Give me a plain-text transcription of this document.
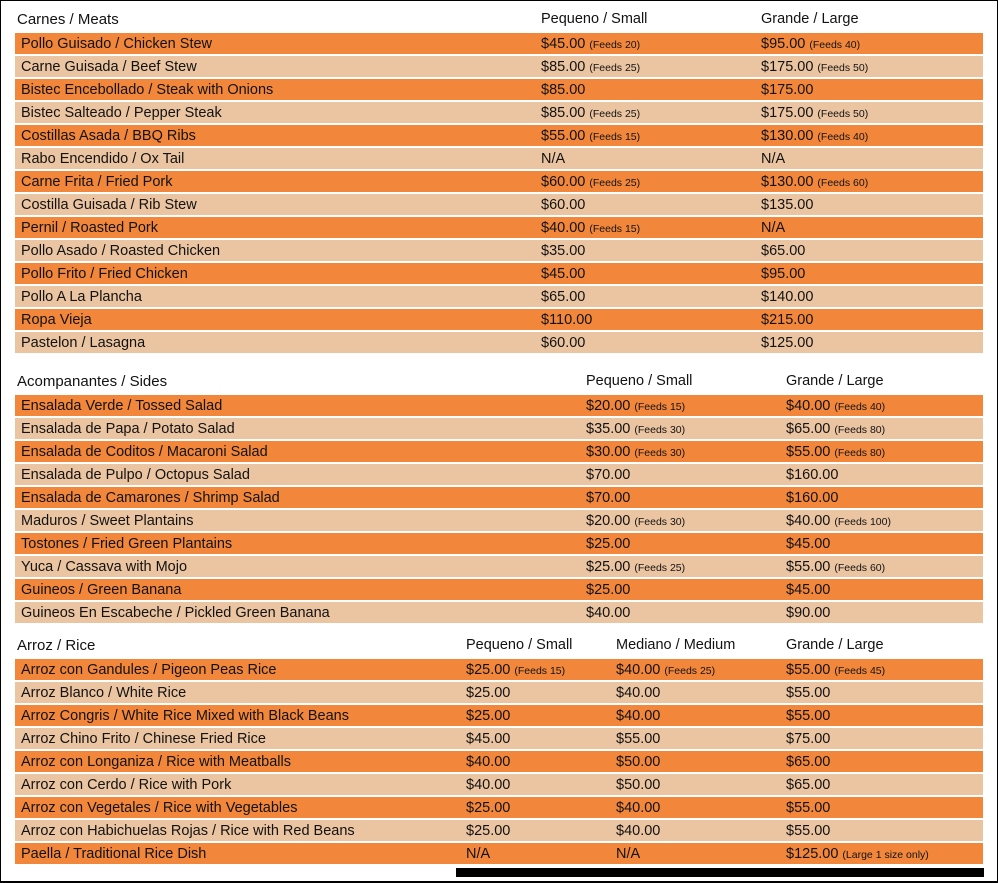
Carnes / Meats	Pequeno / Small	Grande / Large
Pollo Guisado / Chicken Stew	$45.00 (Feeds 20)	$95.00 (Feeds 40)
Carne Guisada / Beef Stew	$85.00 (Feeds 25)	$175.00 (Feeds 50)
Bistec Encebollado / Steak with Onions	$85.00	$175.00
Bistec Salteado / Pepper Steak	$85.00 (Feeds 25)	$175.00 (Feeds 50)
Costillas Asada / BBQ Ribs	$55.00 (Feeds 15)	$130.00 (Feeds 40)
Rabo Encendido / Ox Tail	N/A	N/A
Carne Frita / Fried Pork	$60.00 (Feeds 25)	$130.00 (Feeds 60)
Costilla Guisada / Rib Stew	$60.00	$135.00
Pernil / Roasted Pork	$40.00 (Feeds 15)	N/A
Pollo Asado / Roasted Chicken	$35.00	$65.00
Pollo Frito / Fried Chicken	$45.00	$95.00
Pollo A La Plancha	$65.00	$140.00
Ropa Vieja	$110.00	$215.00
Pastelon / Lasagna	$60.00	$125.00
Acompanantes / Sides	Pequeno / Small	Grande / Large
Ensalada Verde / Tossed Salad	$20.00 (Feeds 15)	$40.00 (Feeds 40)
Ensalada de Papa / Potato Salad	$35.00 (Feeds 30)	$65.00 (Feeds 80)
Ensalada de Coditos / Macaroni Salad	$30.00 (Feeds 30)	$55.00 (Feeds 80)
Ensalada de Pulpo / Octopus Salad	$70.00	$160.00
Ensalada de Camarones / Shrimp Salad	$70.00	$160.00
Maduros / Sweet Plantains	$20.00 (Feeds 30)	$40.00 (Feeds 100)
Tostones / Fried Green Plantains	$25.00	$45.00
Yuca / Cassava with Mojo	$25.00 (Feeds 25)	$55.00 (Feeds 60)
Guineos / Green Banana	$25.00	$45.00
Guineos En Escabeche / Pickled Green Banana	$40.00	$90.00
Arroz / Rice	Pequeno / Small	Mediano / Medium	Grande / Large
Arroz con Gandules / Pigeon Peas Rice	$25.00 (Feeds 15)	$40.00 (Feeds 25)	$55.00 (Feeds 45)
Arroz Blanco / White Rice	$25.00	$40.00	$55.00
Arroz Congris / White Rice Mixed with Black Beans	$25.00	$40.00	$55.00
Arroz Chino Frito / Chinese Fried Rice	$45.00	$55.00	$75.00
Arroz con Longaniza / Rice with Meatballs	$40.00	$50.00	$65.00
Arroz con Cerdo / Rice with Pork	$40.00	$50.00	$65.00
Arroz con Vegetales / Rice with Vegetables	$25.00	$40.00	$55.00
Arroz con Habichuelas Rojas / Rice with Red Beans	$25.00	$40.00	$55.00
Paella / Traditional Rice Dish	N/A	N/A	$125.00 (Large 1 size only)
